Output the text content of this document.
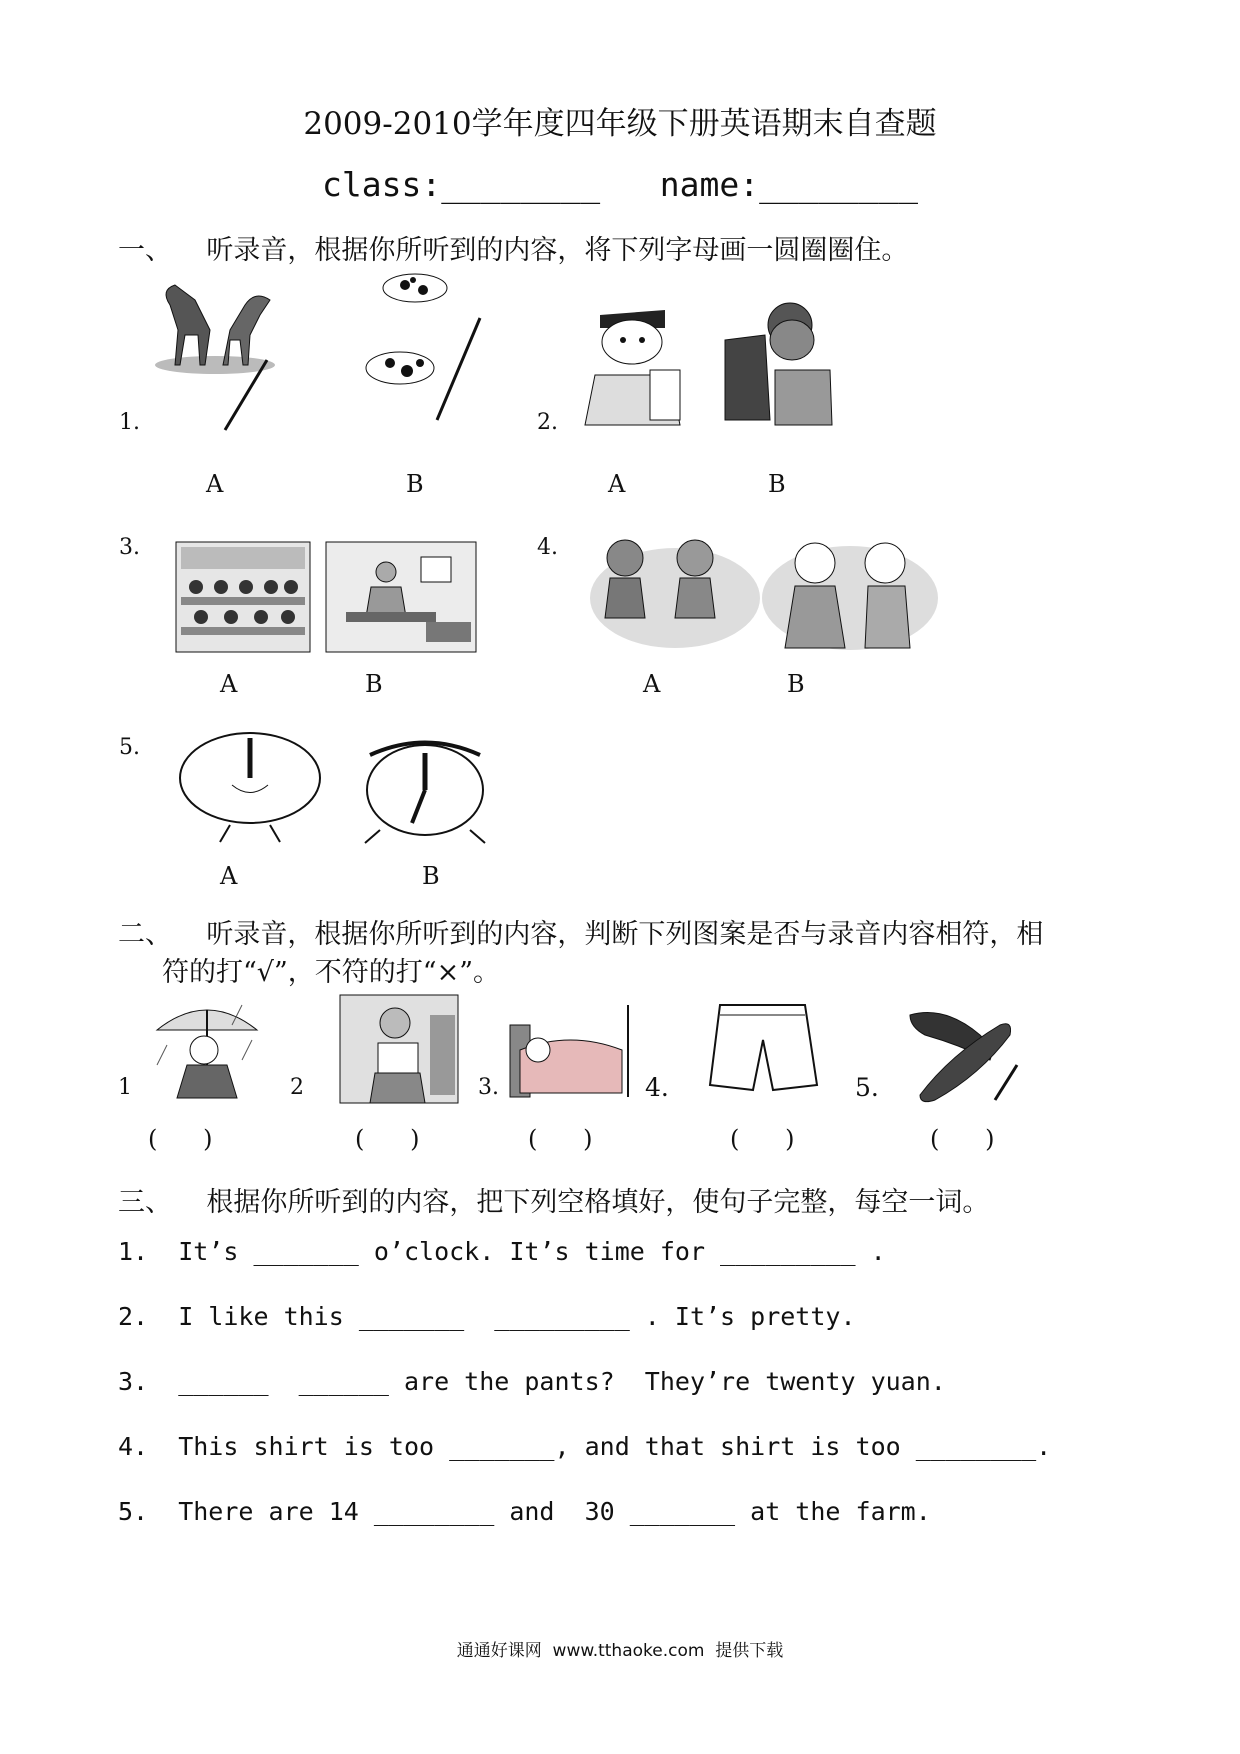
2009-2010学年度四年级下册英语期末自查题
class:________   name:________
一、    听录音，根据你所听到的内容，将下列字母画一圆圈圈住。
1.
A	B
2.
A	B
3.
A	B
4.
A	B
5.
A	B
二、    听录音，根据你所听到的内容，判断下列图案是否与录音内容相符，相
符的打“√”，不符的打“×”。
1
(      )
2
(      )
3.
(      )
4.
(      )
5.
(      )
三、    根据你所听到的内容，把下列空格填好，使句子完整，每空一词。
1.  It’s _______ o’clock. It’s time for _________ .
2.  I like this _______  _________ . It’s pretty.
3.  ______  ______ are the pants?  They’re twenty yuan.
4.  This shirt is too _______, and that shirt is too ________.
5.  There are 14 ________ and  30 _______ at the farm.
通通好课网  www.tthaoke.com  提供下载
